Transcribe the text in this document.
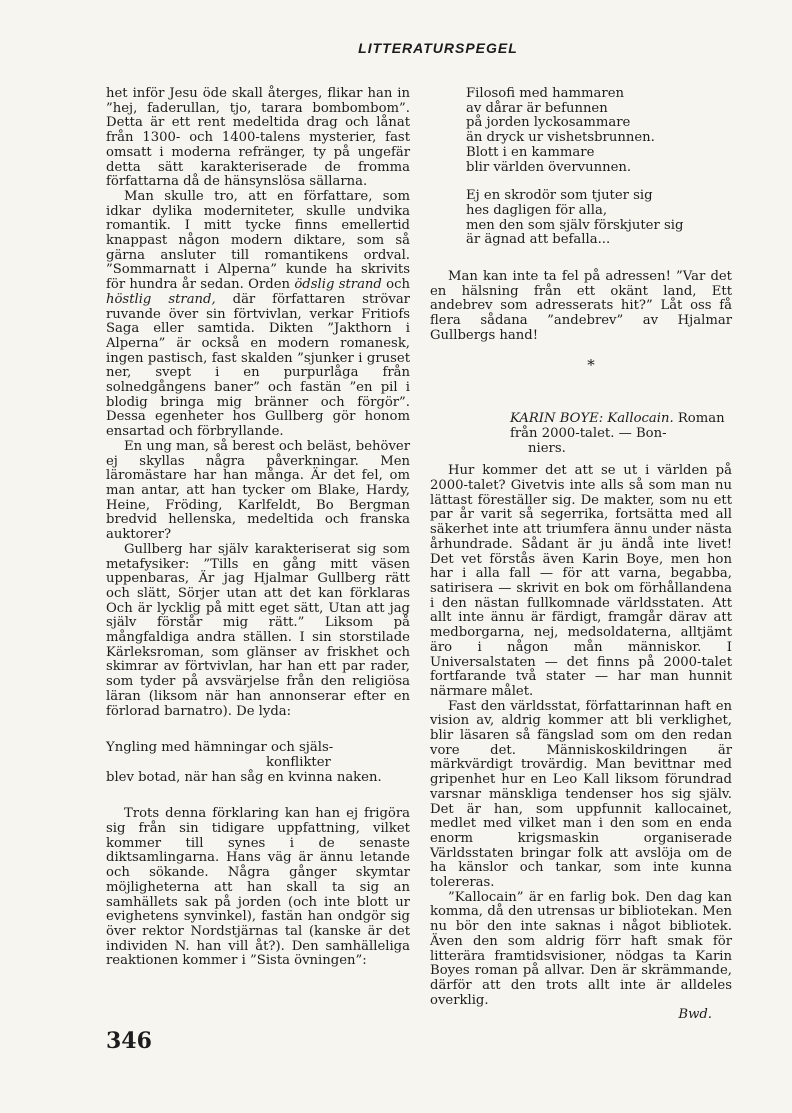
LITTERATURSPEGEL

het inför Jesu öde skall återges, flikar han in ”hej, faderullan, tjo, tarara bombombom”. Detta är ett rent medeltida drag och lånat från 1300- och 1400-talens mysterier, fast omsatt i moderna refränger, ty på ungefär detta sätt karakteriserade de fromma författarna då de hänsynslösa sällarna.

Man skulle tro, att en författare, som idkar dylika moderniteter, skulle undvika romantik. I mitt tycke finns emellertid knappast någon modern diktare, som så gärna ansluter till romantikens ordval. ”Sommarnatt i Alperna” kunde ha skrivits för hundra år sedan. Orden ödslig strand och höstlig strand, där författaren strövar ruvande över sin förtvivlan, verkar Fritiofs Saga eller samtida. Dikten ”Jakthorn i Alperna” är också en modern romanesk, ingen pastisch, fast skalden ”sjunker i gruset ner, svept i en purpurlåga från solnedgångens baner” och fastän ”en pil i blodig bringa mig bränner och förgör”. Dessa egenheter hos Gullberg gör honom ensartad och förbryllande.

En ung man, så berest och beläst, behöver ej skyllas några påverkningar. Men läromästare har han många. Är det fel, om man antar, att han tycker om Blake, Hardy, Heine, Fröding, Karlfeldt, Bo Bergman bredvid hellenska, medeltida och franska auktorer?

Gullberg har själv karakteriserat sig som metafysiker: ”Tills en gång mitt väsen uppenbaras, Är jag Hjalmar Gullberg rätt och slätt, Sörjer utan att det kan förklaras Och är lycklig på mitt eget sätt, Utan att jag själv förstår mig rätt.” Liksom på mångfaldiga andra ställen. I sin storstilade Kärleksroman, som glänser av friskhet och skimrar av förtvivlan, har han ett par rader, som tyder på avsvärjelse från den religiösa läran (liksom när han annonserar efter en förlorad barnatro). De lyda:

Yngling med hämningar och själs-
konflikter
blev botad, när han såg en kvinna naken.

Trots denna förklaring kan han ej frigöra sig från sin tidigare uppfattning, vilket kommer till synes i de senaste diktsamlingarna. Hans väg är ännu letande och sökande. Några gånger skymtar möjligheterna att han skall ta sig an samhällets sak på jorden (och inte blott ur evighetens synvinkel), fastän han ondgör sig över rektor Nordstjärnas tal (kanske är det individen N. han vill åt?). Den samhälleliga reaktionen kommer i ”Sista övningen”:

Filosofi med hammaren
av dårar är befunnen
på jorden lyckosammare
än dryck ur vishetsbrunnen.
Blott i en kammare
blir världen övervunnen.
Ej en skrodör som tjuter sig
hes dagligen för alla,
men den som själv förskjuter sig
är ägnad att befalla...

Man kan inte ta fel på adressen! ”Var det en hälsning från ett okänt land, Ett andebrev som adresserats hit?” Låt oss få flera sådana ”andebrev” av Hjalmar Gullbergs hand!

*
KARIN BOYE: Kallocain. Roman från 2000-talet. — Bon-
niers.

Hur kommer det att se ut i världen på 2000-talet? Givetvis inte alls så som man nu lättast föreställer sig. De makter, som nu ett par år varit så segerrika, fortsätta med all säkerhet inte att triumfera ännu under nästa århundrade. Sådant är ju ändå inte livet! Det vet förstås även Karin Boye, men hon har i alla fall — för att varna, begabba, satirisera — skrivit en bok om förhållandena i den nästan fullkomnade världsstaten. Att allt inte ännu är färdigt, framgår därav att medborgarna, nej, medsoldaterna, alltjämt äro i någon mån människor. I Universalstaten — det finns på 2000-talet fortfarande två stater — har man hunnit närmare målet.

Fast den världsstat, författarinnan haft en vision av, aldrig kommer att bli verklighet, blir läsaren så fängslad som om den redan vore det. Människoskildringen är märkvärdigt trovärdig. Man bevittnar med gripenhet hur en Leo Kall liksom förundrad varsnar mänskliga tendenser hos sig själv. Det är han, som uppfunnit kallocainet, medlet med vilket man i den som en enda enorm krigsmaskin organiserade Världsstaten bringar folk att avslöja om de ha känslor och tankar, som inte kunna tolereras.

”Kallocain” är en farlig bok. Den dag kan komma, då den utrensas ur bibliotekan. Men nu bör den inte saknas i något bibliotek. Även den som aldrig förr haft smak för litterära framtidsvisioner, nödgas ta Karin Boyes roman på allvar. Den är skrämmande, därför att den trots allt inte är alldeles overklig.

Bwd.
346
